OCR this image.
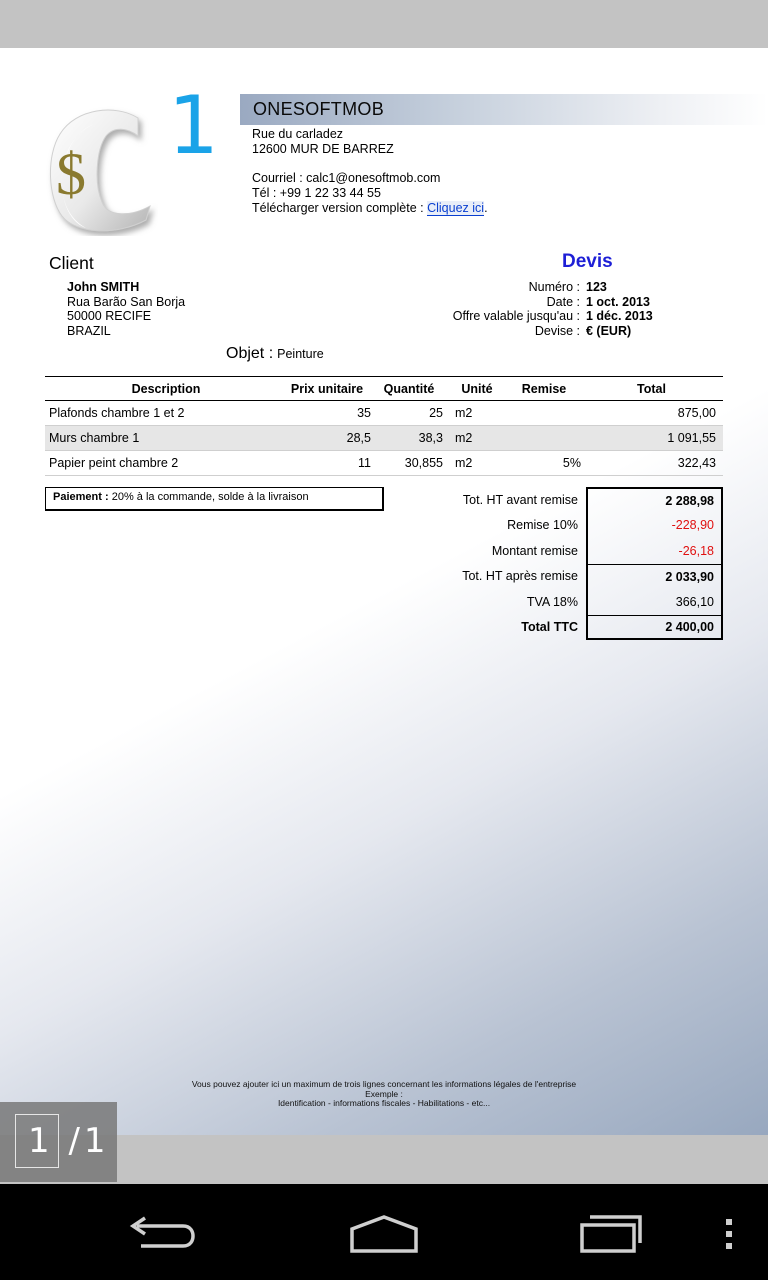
$
1 ONESOFTMOB
Rue du carladez
12600 MUR DE BARREZ
Courriel : calc1@onesoftmob.com
Tél : +99 1 22 33 44 55
Télécharger version complète : Cliquez ici.
Client
John SMITH
Rua Barão San Borja
50000 RECIFE
BRAZIL
Devis
Numéro : 123
Date : 1 oct. 2013
Offre valable jusqu'au : 1 déc. 2013
Devise : € (EUR)
Objet : Peinture
Description	Prix unitaire	Quantité	Unité	Remise	Total
Plafonds chambre 1 et 2	35	25	m2		875,00
Murs chambre 1	28,5	38,3	m2		1 091,55
Papier peint chambre 2	11	30,855	m2	5%	322,43
Paiement : 20% à la commande, solde à la livraison	Tot. HT avant remise	2 288,98
Remise 10%	-228,90
Montant remise	-26,18
Tot. HT après remise	2 033,90
TVA 18%	366,10
Total TTC	2 400,00
Vous pouvez ajouter ici un maximum de trois lignes concernant les informations légales de l'entreprise
Exemple :
Identification - informations fiscales - Habilitations - etc...
1 /1
